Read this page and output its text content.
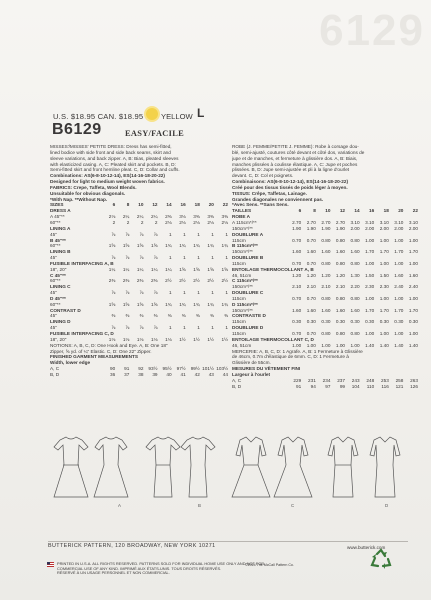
6129
U.S. $18.95 CAN. $18.95 YELLOW L
B6129	EASY/FACILE
MISSES'/MISSES' PETITE DRESS: Dress has semi-fitted,
lined bodice with side front and side back seams, skirt and
sleeve variations, and back zipper. A, B: Bias, pleated sleeves
with elasticized casing. A, C: Pleated skirt and pockets. B, D:
Semi-fitted skirt and front hemline pleat. C, D: Collar and cuffs.
Combinations: AS(6-8-10-12-14), ES(14-16-18-20-22)
Designed for light to medium weight woven fabrics.
FABRICS: Crepe, Taffeta, Wool Blends.
Unsuitable for obvious diagonals.
*With Nap. **Without Nap.
SIZES	6	8	10	12	14	16	18	20	22
DRESS A
A 45"**	2⅛	2¼	2¼	2¼	2⅜	3⅛	3⅜	3⅜	3⅜
60"**	2	2	2	2	2⅛	2⅛	2⅛	2⅛	2⅛
LINING A
45"	⅞	⅞	⅞	⅞	1	1	1	1	1
B 45"**
60"**	1⅝	1⅝	1⅝	1⅝	1¾	1¾	1¾	1¾	1¾
LINING B
45"	⅞	⅞	⅞	⅞	1	1	1	1	1
FUSIBLE INTERFACING A, B
18", 20"	1¼	1¼	1¼	1¼	1¼	1⅝	1⅝	1⅝	1⅝
C 45"**
60"**	2⅜	2⅜	2⅜	2⅜	2½	2½	2½	2½	2½
LINING C
45"	⅞	⅞	⅞	⅞	1	1	1	1	1
D 45"**
60"**	1⅝	1⅝	1⅝	1⅝	1¾	1¾	1¾	1¾	1¾
CONTRAST D
45"	⅜	⅜	⅜	⅜	⅜	⅜	⅜	⅜	⅜
LINING D
45"	⅞	⅞	⅞	⅞	1	1	1	1	1
FUSIBLE INTERFACING C, D
18", 20"	1⅛	1⅛	1⅛	1⅛	1⅛	1½	1½	1½	1½
NOTIONS: A, B, C, D: One Hook and Eye. A, B: One 18"
Zipper, ⅝ yd. of ¼" Elastic. C, D: One 22" Zipper.
FINISHED GARMENT MEASUREMENTS
Width, lower edge
A, C	90	91	92	93½	95½	97½	99½ 101½ 103½
B, D	36	37	38	39	40	41	42	43	44
ROBE (J. FEMME/PETITE J. FEMME): Robe à corsage dou-
blé, semi-ajusté, coutures côté devant et côté dos, variations de
jupe et de manches, et fermeture à glissière dos. A, B: Biais,
manches plissées à coulisse élastique. A, C: Jupe et poches
plissées. B, D: Jupe semi-ajustée et pli à la ligne d'ourlet
devant. C, D: Col et poignets.
Combinaisons: AS(6-8-10-12-14), ES(14-16-18-20-22)
Créé pour des tissus tissés de poids léger à moyen.
TISSUS: Crêpe, Taffetas, Lainage.
Grandes diagonales ne conviennent pas.
*Avec Sens. **Sans Sens.
TAILLES	6	8	10	12	14	16	18	20	22
ROBE A
A 115cm*/**	2.70	2.70	2.70	2.70	3.10	3.10	3.10	3.10	3.10
150cm*/**	1.90	1.90	1.90	1.90	2.00	2.00	2.00	2.00	2.00
DOUBLURE A
115cm	0.70	0.70	0.80	0.80	0.80	1.00	1.00	1.00	1.00
B 115cm*/**
150cm*/**	1.60	1.60	1.60	1.60	1.60	1.70	1.70	1.70	1.70
DOUBLURE B
115cm	0.70	0.70	0.80	0.80	0.80	1.00	1.00	1.00	1.00
ENTOILAGE THERMOCOLLANT A, B
46, 51cm	1.20	1.20	1.20	1.20	1.30	1.50	1.50	1.60	1.60
C 115cm*/**
150cm*/**	2.10	2.10	2.10	2.10	2.20	2.30	2.30	2.40	2.40
DOUBLURE C
115cm	0.70	0.70	0.80	0.80	0.80	1.00	1.00	1.00	1.00
D 115cm*/**
150cm*/**	1.60	1.60	1.60	1.60	1.60	1.70	1.70	1.70	1.70
CONTRASTE D
115cm	0.30	0.30	0.30	0.30	0.30	0.30	0.30	0.30	0.30
DOUBLURE D
115cm	0.70	0.70	0.80	0.80	0.80	1.00	1.00	1.00	1.00
ENTOILAGE THERMOCOLLANT C, D
46, 51cm	1.00	1.00	1.00	1.00	1.00	1.40	1.40	1.40	1.40
MERCERIE: A, B, C, D: 1 Agrafe. A, B: 1 Fermeture à Glissière
de 46cm, 0.7m d'élastique de 6mm. C, D: 1 Fermeture à
Glissière de 55cm.
MESURES DU VÊTEMENT FINI
Largeur à l'ourlet
A, C	229	231	234	237	243	248	253	258	263
B, D	91	94	97	99	104	110	116	121	126
A	B	C	D
BUTTERICK PATTERN, 120 BROADWAY, NEW YORK 10271	www.butterick.com
©2014 The McCall Pattern Co.
PRINTED IN U.S.A. ALL RIGHTS RESERVED. PATTERNS SOLD FOR INDIVIDUAL HOME USE ONLY AND NOT FOR
COMMERCIAL USE OF ANY KIND. IMPRIMÉ AUX ÉTATS-UNIS. TOUS DROITS RÉSERVÉS.
RÉSERVÉ À UN USAGE PERSONNEL ET NON COMMERCIAL.
